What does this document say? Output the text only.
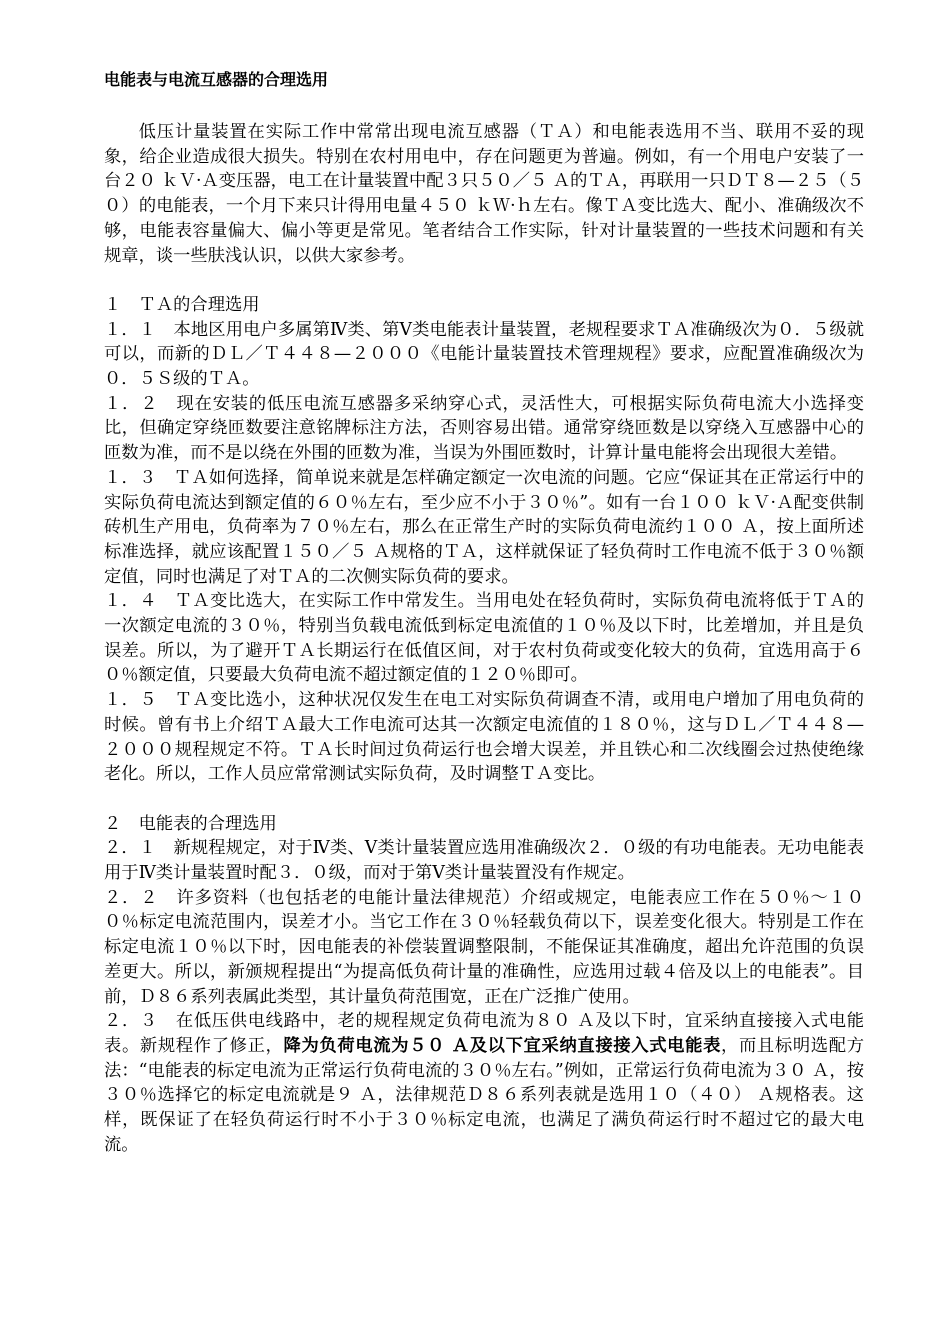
电能表与电流互感器的合理选用

低压计量装置在实际工作中常常出现电流互感器（ＴＡ）和电能表选用不当、联用不妥的现象，给企业造成很大损失。特别在农村用电中，存在问题更为普遍。例如，有一个用电户安装了一台２０ ｋＶ·Ａ变压器，电工在计量装置中配３只５０／５ Ａ的ＴＡ，再联用一只ＤＴ８—２５（５０）的电能表，一个月下来只计得用电量４５０ ｋＷ·ｈ左右。像ＴＡ变比选大、配小、准确级次不够，电能表容量偏大、偏小等更是常见。笔者结合工作实际，针对计量装置的一些技术问题和有关规章，谈一些肤浅认识，以供大家参考。

１　ＴＡ的合理选用

１．１　本地区用电户多属第Ⅳ类、第Ⅴ类电能表计量装置，老规程要求ＴＡ准确级次为０．５级就可以，而新的ＤＬ／Ｔ４４８—２０００《电能计量装置技术管理规程》要求，应配置准确级次为０．５Ｓ级的ＴＡ。

１．２　现在安装的低压电流互感器多采纳穿心式，灵活性大，可根据实际负荷电流大小选择变比，但确定穿绕匝数要注意铭牌标注方法，否则容易出错。通常穿绕匝数是以穿绕入互感器中心的匝数为准，而不是以绕在外围的匝数为准，当误为外围匝数时，计算计量电能将会出现很大差错。

１．３　ＴＡ如何选择，简单说来就是怎样确定额定一次电流的问题。它应“保证其在正常运行中的实际负荷电流达到额定值的６０％左右，至少应不小于３０％”。如有一台１００ ｋＶ·Ａ配变供制砖机生产用电，负荷率为７０％左右，那么在正常生产时的实际负荷电流约１００ Ａ，按上面所述标准选择，就应该配置１５０／５ Ａ规格的ＴＡ，这样就保证了轻负荷时工作电流不低于３０％额定值，同时也满足了对ＴＡ的二次侧实际负荷的要求。

１．４　ＴＡ变比选大，在实际工作中常发生。当用电处在轻负荷时，实际负荷电流将低于ＴＡ的一次额定电流的３０％，特别当负载电流低到标定电流值的１０％及以下时，比差增加，并且是负误差。所以，为了避开ＴＡ长期运行在低值区间，对于农村负荷或变化较大的负荷，宜选用高于６０％额定值，只要最大负荷电流不超过额定值的１２０％即可。

１．５　ＴＡ变比选小，这种状况仅发生在电工对实际负荷调查不清，或用电户增加了用电负荷的时候。曾有书上介绍ＴＡ最大工作电流可达其一次额定电流值的１８０％，这与ＤＬ／Ｔ４４８—２０００规程规定不符。ＴＡ长时间过负荷运行也会增大误差，并且铁心和二次线圈会过热使绝缘老化。所以，工作人员应常常测试实际负荷，及时调整ＴＡ变比。

２　电能表的合理选用

２．１　新规程规定，对于Ⅳ类、Ⅴ类计量装置应选用准确级次２．０级的有功电能表。无功电能表用于Ⅳ类计量装置时配３．０级，而对于第Ⅴ类计量装置没有作规定。

２．２　许多资料（也包括老的电能计量法律规范）介绍或规定，电能表应工作在５０％～１００％标定电流范围内，误差才小。当它工作在３０％轻载负荷以下，误差变化很大。特别是工作在标定电流１０％以下时，因电能表的补偿装置调整限制，不能保证其准确度，超出允许范围的负误差更大。所以，新颁规程提出“为提高低负荷计量的准确性，应选用过载４倍及以上的电能表”。目前，Ｄ８６系列表属此类型，其计量负荷范围宽，正在广泛推广使用。

２．３　在低压供电线路中，老的规程规定负荷电流为８０ Ａ及以下时，宜采纳直接接入式电能表。新规程作了修正，降为负荷电流为５０ Ａ及以下宜采纳直接接入式电能表，而且标明选配方法：“电能表的标定电流为正常运行负荷电流的３０％左右。”例如，正常运行负荷电流为３０ Ａ，按３０％选择它的标定电流就是９ Ａ，法律规范Ｄ８６系列表就是选用１０（４０） Ａ规格表。这样，既保证了在轻负荷运行时不小于３０％标定电流，也满足了满负荷运行时不超过它的最大电流。
